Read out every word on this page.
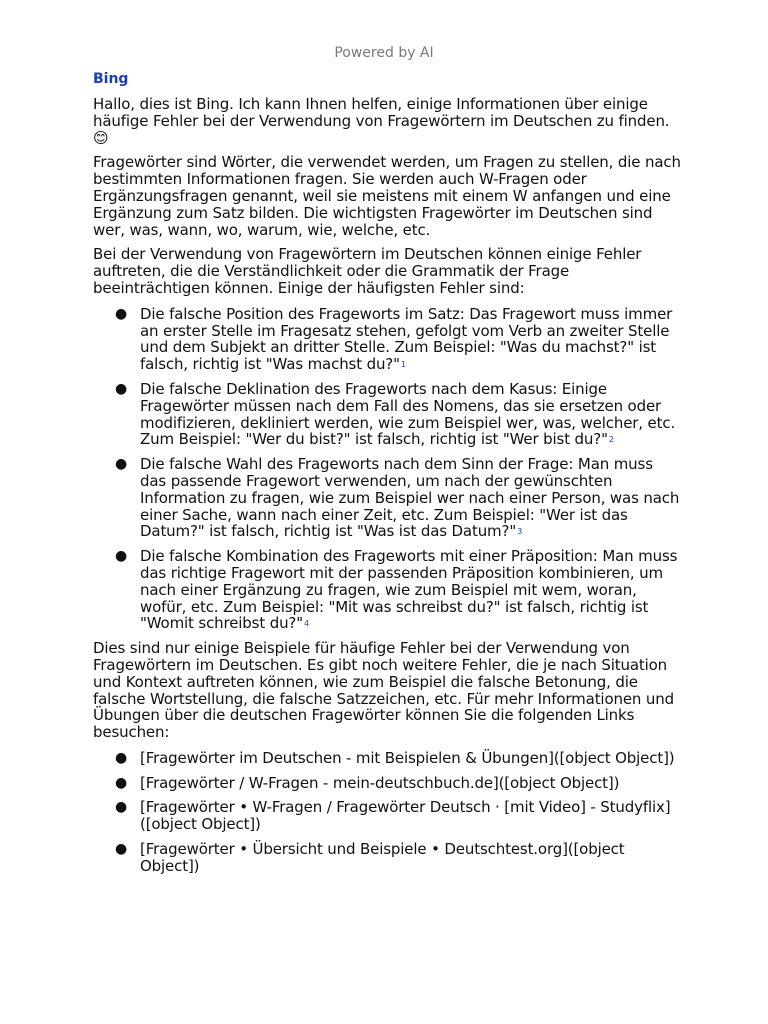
Powered by AI
Bing

Hallo, dies ist Bing. Ich kann Ihnen helfen, einige Informationen über einige häufige Fehler bei der Verwendung von Fragewörtern im Deutschen zu finden. 😊

Fragewörter sind Wörter, die verwendet werden, um Fragen zu stellen, die nach bestimmten Informationen fragen. Sie werden auch W-Fragen oder Ergänzungsfragen genannt, weil sie meistens mit einem W anfangen und eine Ergänzung zum Satz bilden. Die wichtigsten Fragewörter im Deutschen sind wer, was, wann, wo, warum, wie, welche, etc.

Bei der Verwendung von Fragewörtern im Deutschen können einige Fehler auftreten, die die Verständlichkeit oder die Grammatik der Frage beeinträchtigen können. Einige der häufigsten Fehler sind:

● Die falsche Position des Frageworts im Satz: Das Fragewort muss immer an erster Stelle im Fragesatz stehen, gefolgt vom Verb an zweiter Stelle und dem Subjekt an dritter Stelle. Zum Beispiel: "Was du machst?" ist falsch, richtig ist "Was machst du?"$^1$
● Die falsche Deklination des Frageworts nach dem Kasus: Einige Fragewörter müssen nach dem Fall des Nomens, das sie ersetzen oder modifizieren, dekliniert werden, wie zum Beispiel wer, was, welcher, etc. Zum Beispiel: "Wer du bist?" ist falsch, richtig ist "Wer bist du?"$^2$
● Die falsche Wahl des Frageworts nach dem Sinn der Frage: Man muss das passende Fragewort verwenden, um nach der gewünschten Information zu fragen, wie zum Beispiel wer nach einer Person, was nach einer Sache, wann nach einer Zeit, etc. Zum Beispiel: "Wer ist das Datum?" ist falsch, richtig ist "Was ist das Datum?"$^3$
● Die falsche Kombination des Frageworts mit einer Präposition: Man muss das richtige Fragewort mit der passenden Präposition kombinieren, um nach einer Ergänzung zu fragen, wie zum Beispiel mit wem, woran, wofür, etc. Zum Beispiel: "Mit was schreibst du?" ist falsch, richtig ist "Womit schreibst du?"$^4$

Dies sind nur einige Beispiele für häufige Fehler bei der Verwendung von Fragewörtern im Deutschen. Es gibt noch weitere Fehler, die je nach Situation und Kontext auftreten können, wie zum Beispiel die falsche Betonung, die falsche Wortstellung, die falsche Satzzeichen, etc. Für mehr Informationen und Übungen über die deutschen Fragewörter können Sie die folgenden Links besuchen:

● [Fragewörter im Deutschen - mit Beispielen & Übungen]([object Object])
● [Fragewörter / W-Fragen - mein-deutschbuch.de]([object Object])
● [Fragewörter • W-Fragen / Fragewörter Deutsch · [mit Video] - Studyflix]([object Object])
● [Fragewörter • Übersicht und Beispiele • Deutschtest.org]([object Object])
